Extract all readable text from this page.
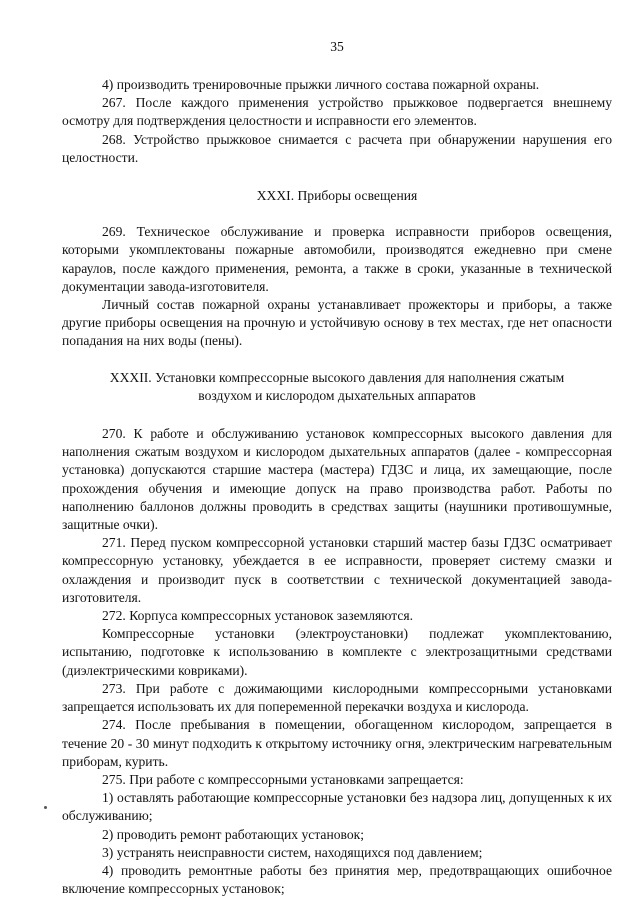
35

4) производить тренировочные прыжки личного состава пожарной охраны.

267. После каждого применения устройство прыжковое подвергается внешнему осмотру для подтверждения целостности и исправности его элементов.

268. Устройство прыжковое снимается с расчета при обнаружении нарушения его целостности.

XXXI. Приборы освещения

269. Техническое обслуживание и проверка исправности приборов освещения, которыми укомплектованы пожарные автомобили, производятся ежедневно при смене караулов, после каждого применения, ремонта, а также в сроки, указанные в технической документации завода-изготовителя.

Личный состав пожарной охраны устанавливает прожекторы и приборы, а также другие приборы освещения на прочную и устойчивую основу в тех местах, где нет опасности попадания на них воды (пены).

XXXII. Установки компрессорные высокого давления для наполнения сжатым воздухом и кислородом дыхательных аппаратов

270. К работе и обслуживанию установок компрессорных высокого давления для наполнения сжатым воздухом и кислородом дыхательных аппаратов (далее - компрессорная установка) допускаются старшие мастера (мастера) ГДЗС и лица, их замещающие, после прохождения обучения и имеющие допуск на право производства работ. Работы по наполнению баллонов должны проводить в средствах защиты (наушники противошумные, защитные очки).

271. Перед пуском компрессорной установки старший мастер базы ГДЗС осматривает компрессорную установку, убеждается в ее исправности, проверяет систему смазки и охлаждения и производит пуск в соответствии с технической документацией завода-изготовителя.

272. Корпуса компрессорных установок заземляются.

Компрессорные установки (электроустановки) подлежат укомплектованию, испытанию, подготовке к использованию в комплекте с электрозащитными средствами (диэлектрическими ковриками).

273. При работе с дожимающими кислородными компрессорными установками запрещается использовать их для попеременной перекачки воздуха и кислорода.

274. После пребывания в помещении, обогащенном кислородом, запрещается в течение 20 - 30 минут подходить к открытому источнику огня, электрическим нагревательным приборам, курить.

275. При работе с компрессорными установками запрещается:

1) оставлять работающие компрессорные установки без надзора лиц, допущенных к их обслуживанию;

2) проводить ремонт работающих установок;

3) устранять неисправности систем, находящихся под давлением;

4) проводить ремонтные работы без принятия мер, предотвращающих ошибочное включение компрессорных установок;
